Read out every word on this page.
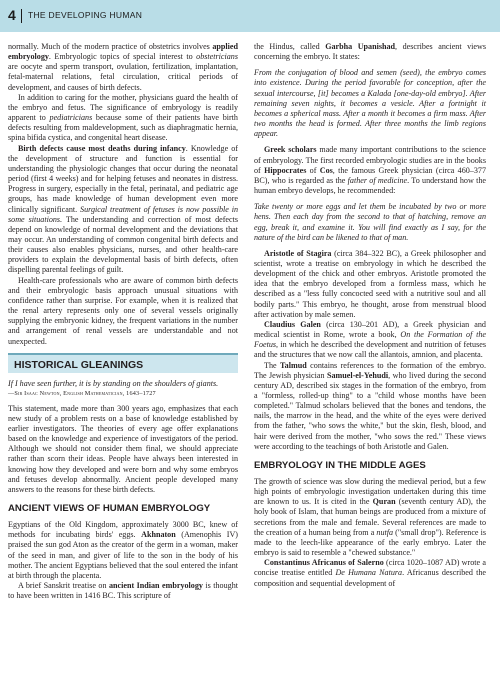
4 THE DEVELOPING HUMAN

normally. Much of the modern practice of obstetrics involves applied embryology. Embryologic topics of special interest to obstetricians are oocyte and sperm transport, ovulation, fertilization, implantation, fetal-maternal relations, fetal circulation, critical periods of development, and causes of birth defects.

In addition to caring for the mother, physicians guard the health of the embryo and fetus. The significance of embryology is readily apparent to pediatricians because some of their patients have birth defects resulting from maldevelopment, such as diaphragmatic hernia, spina bifida cystica, and congenital heart disease.

Birth defects cause most deaths during infancy. Knowledge of the development of structure and function is essential for understanding the physiologic changes that occur during the neonatal period (first 4 weeks) and for helping fetuses and neonates in distress. Progress in surgery, especially in the fetal, perinatal, and pediatric age groups, has made knowledge of human development even more clinically significant. Surgical treatment of fetuses is now possible in some situations. The understanding and correction of most defects depend on knowledge of normal development and the deviations that may occur. An understanding of common congenital birth defects and their causes also enables physicians, nurses, and other health-care providers to explain the developmental basis of birth defects, often dispelling parental feelings of guilt.

Health-care professionals who are aware of common birth defects and their embryologic basis approach unusual situations with confidence rather than surprise. For example, when it is realized that the renal artery represents only one of several vessels originally supplying the embryonic kidney, the frequent variations in the number and arrangement of renal vessels are understandable and not unexpected.

HISTORICAL GLEANINGS
If I have seen further, it is by standing on the shoulders of giants.
—Sir Isaac Newton, English Mathematician, 1643–1727

This statement, made more than 300 years ago, emphasizes that each new study of a problem rests on a base of knowledge established by earlier investigators. The theories of every age offer explanations based on the knowledge and experience of investigators of the period. Although we should not consider them final, we should appreciate rather than scorn their ideas. People have always been interested in knowing how they developed and were born and why some embryos and fetuses develop abnormally. Ancient people developed many answers to the reasons for these birth defects.

ANCIENT VIEWS OF HUMAN EMBRYOLOGY

Egyptians of the Old Kingdom, approximately 3000 BC, knew of methods for incubating birds' eggs. Akhnaton (Amenophis IV) praised the sun god Aton as the creator of the germ in a woman, maker of the seed in man, and giver of life to the son in the body of his mother. The ancient Egyptians believed that the soul entered the infant at birth through the placenta.

A brief Sanskrit treatise on ancient Indian embryology is thought to have been written in 1416 BC. This scripture of

the Hindus, called Garbha Upanishad, describes ancient views concerning the embryo. It states:

From the conjugation of blood and semen (seed), the embryo comes into existence. During the period favorable for conception, after the sexual intercourse, [it] becomes a Kalada [one-day-old embryo]. After remaining seven nights, it becomes a vesicle. After a fortnight it becomes a spherical mass. After a month it becomes a firm mass. After two months the head is formed. After three months the limb regions appear.

Greek scholars made many important contributions to the science of embryology. The first recorded embryologic studies are in the books of Hippocrates of Cos, the famous Greek physician (circa 460–377 BC), who is regarded as the father of medicine. To understand how the human embryo develops, he recommended:

Take twenty or more eggs and let them be incubated by two or more hens. Then each day from the second to that of hatching, remove an egg, break it, and examine it. You will find exactly as I say, for the nature of the bird can be likened to that of man.

Aristotle of Stagira (circa 384–322 BC), a Greek philosopher and scientist, wrote a treatise on embryology in which he described the development of the chick and other embryos. Aristotle promoted the idea that the embryo developed from a formless mass, which he described as a "less fully concocted seed with a nutritive soul and all bodily parts." This embryo, he thought, arose from menstrual blood after activation by male semen.

Claudius Galen (circa 130–201 AD), a Greek physician and medical scientist in Rome, wrote a book, On the Formation of the Foetus, in which he described the development and nutrition of fetuses and the structures that we now call the allantois, amnion, and placenta.

The Talmud contains references to the formation of the embryo. The Jewish physician Samuel-el-Yehudi, who lived during the second century AD, described six stages in the formation of the embryo, from a "formless, rolled-up thing" to a "child whose months have been completed." Talmud scholars believed that the bones and tendons, the nails, the marrow in the head, and the white of the eyes were derived from the father, "who sows the white," but the skin, flesh, blood, and hair were derived from the mother, "who sows the red." These views were according to the teachings of both Aristotle and Galen.

EMBRYOLOGY IN THE MIDDLE AGES

The growth of science was slow during the medieval period, but a few high points of embryologic investigation undertaken during this time are known to us. It is cited in the Quran (seventh century AD), the holy book of Islam, that human beings are produced from a mixture of secretions from the male and female. Several references are made to the creation of a human being from a nutfa ("small drop"). Reference is made to the leech-like appearance of the early embryo. Later the embryo is said to resemble a "chewed substance."

Constantinus Africanus of Salerno (circa 1020–1087 AD) wrote a concise treatise entitled De Humana Natura. Africanus described the composition and sequential development of
